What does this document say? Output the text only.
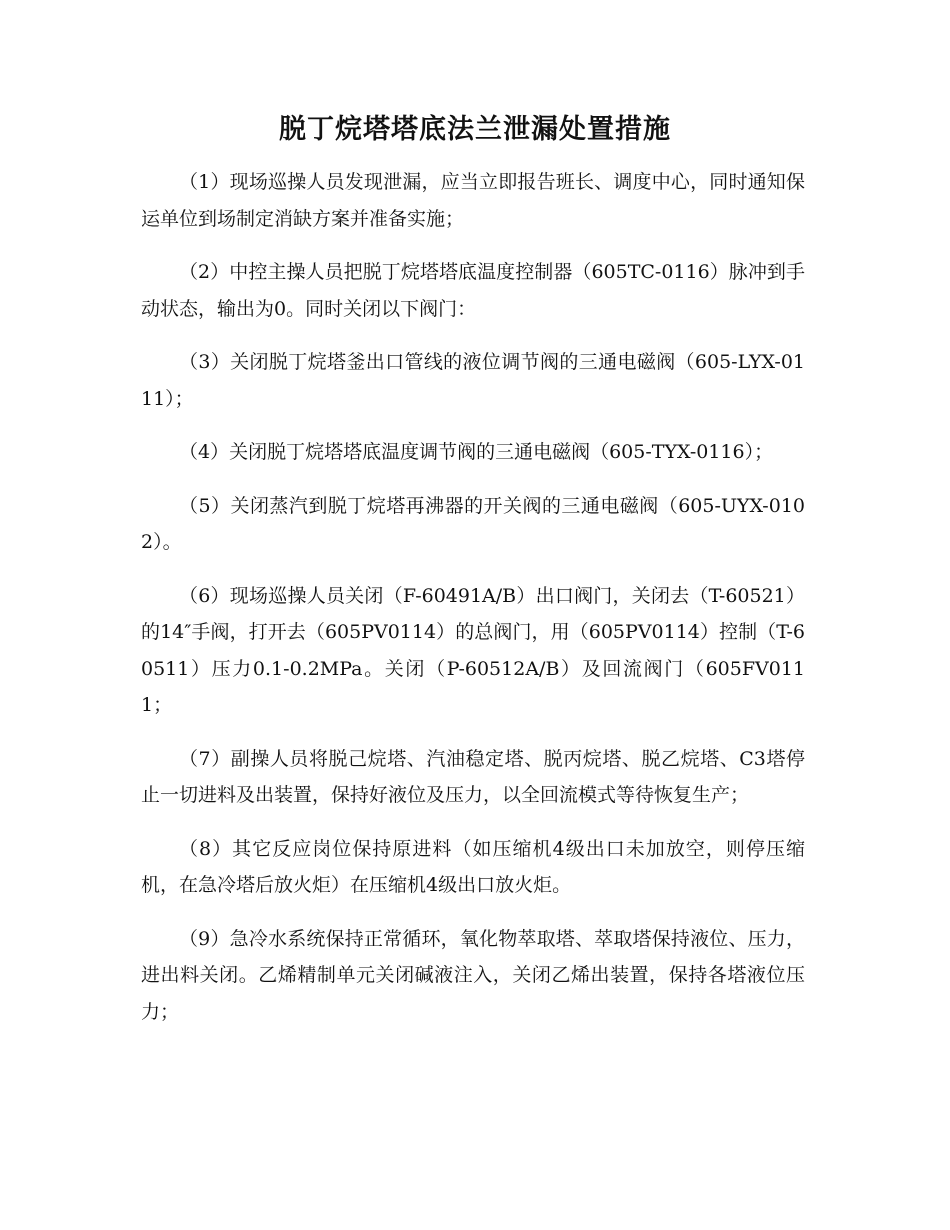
脱丁烷塔塔底法兰泄漏处置措施

（1）现场巡操人员发现泄漏，应当立即报告班长、调度中心，同时通知保运单位到场制定消缺方案并准备实施；

（2）中控主操人员把脱丁烷塔塔底温度控制器（605TC-0116）脉冲到手动状态，输出为0。同时关闭以下阀门：

（3）关闭脱丁烷塔釜出口管线的液位调节阀的三通电磁阀（605-LYX-0111）；

（4）关闭脱丁烷塔塔底温度调节阀的三通电磁阀（605-TYX-0116）；

（5）关闭蒸汽到脱丁烷塔再沸器的开关阀的三通电磁阀（605-UYX-0102）。

（6）现场巡操人员关闭（F-60491A/B）出口阀门，关闭去（T-60521）的14″手阀，打开去（605PV0114）的总阀门，用（605PV0114）控制（T-60511）压力0.1-0.2MPa。关闭（P-60512A/B）及回流阀门（605FV0111；

（7）副操人员将脱己烷塔、汽油稳定塔、脱丙烷塔、脱乙烷塔、C3塔停止一切进料及出装置，保持好液位及压力，以全回流模式等待恢复生产；

（8）其它反应岗位保持原进料（如压缩机4级出口未加放空，则停压缩机，在急冷塔后放火炬）在压缩机4级出口放火炬。

（9）急冷水系统保持正常循环，氧化物萃取塔、萃取塔保持液位、压力，进出料关闭。乙烯精制单元关闭碱液注入，关闭乙烯出装置，保持各塔液位压力；
